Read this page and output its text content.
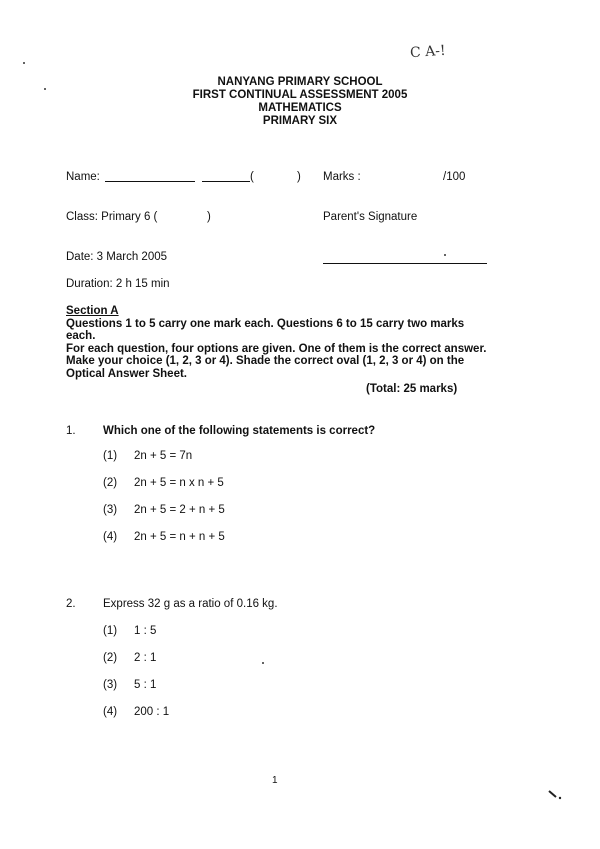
C A-!
NANYANG PRIMARY SCHOOL
FIRST CONTINUAL ASSESSMENT 2005
MATHEMATICS
PRIMARY SIX
Name:	(	) Marks :	/100
Class: Primary 6 (	)	Parent's Signature
Date: 3 March 2005
Duration: 2 h 15 min
Section A
Questions 1 to 5 carry one mark each. Questions 6 to 15 carry two marks
each.
For each question, four options are given. One of them is the correct answer.
Make your choice (1, 2, 3 or 4). Shade the correct oval (1, 2, 3 or 4) on the
Optical Answer Sheet.
(Total: 25 marks)
1. Which one of the following statements is correct?
(1) 2n + 5 = 7n
(2) 2n + 5 = n x n + 5
(3) 2n + 5 = 2 + n + 5
(4) 2n + 5 = n + n + 5
2. Express 32 g as a ratio of 0.16 kg.
(1) 1 : 5
(2) 2 : 1
(3) 5 : 1
(4) 200 : 1
1
